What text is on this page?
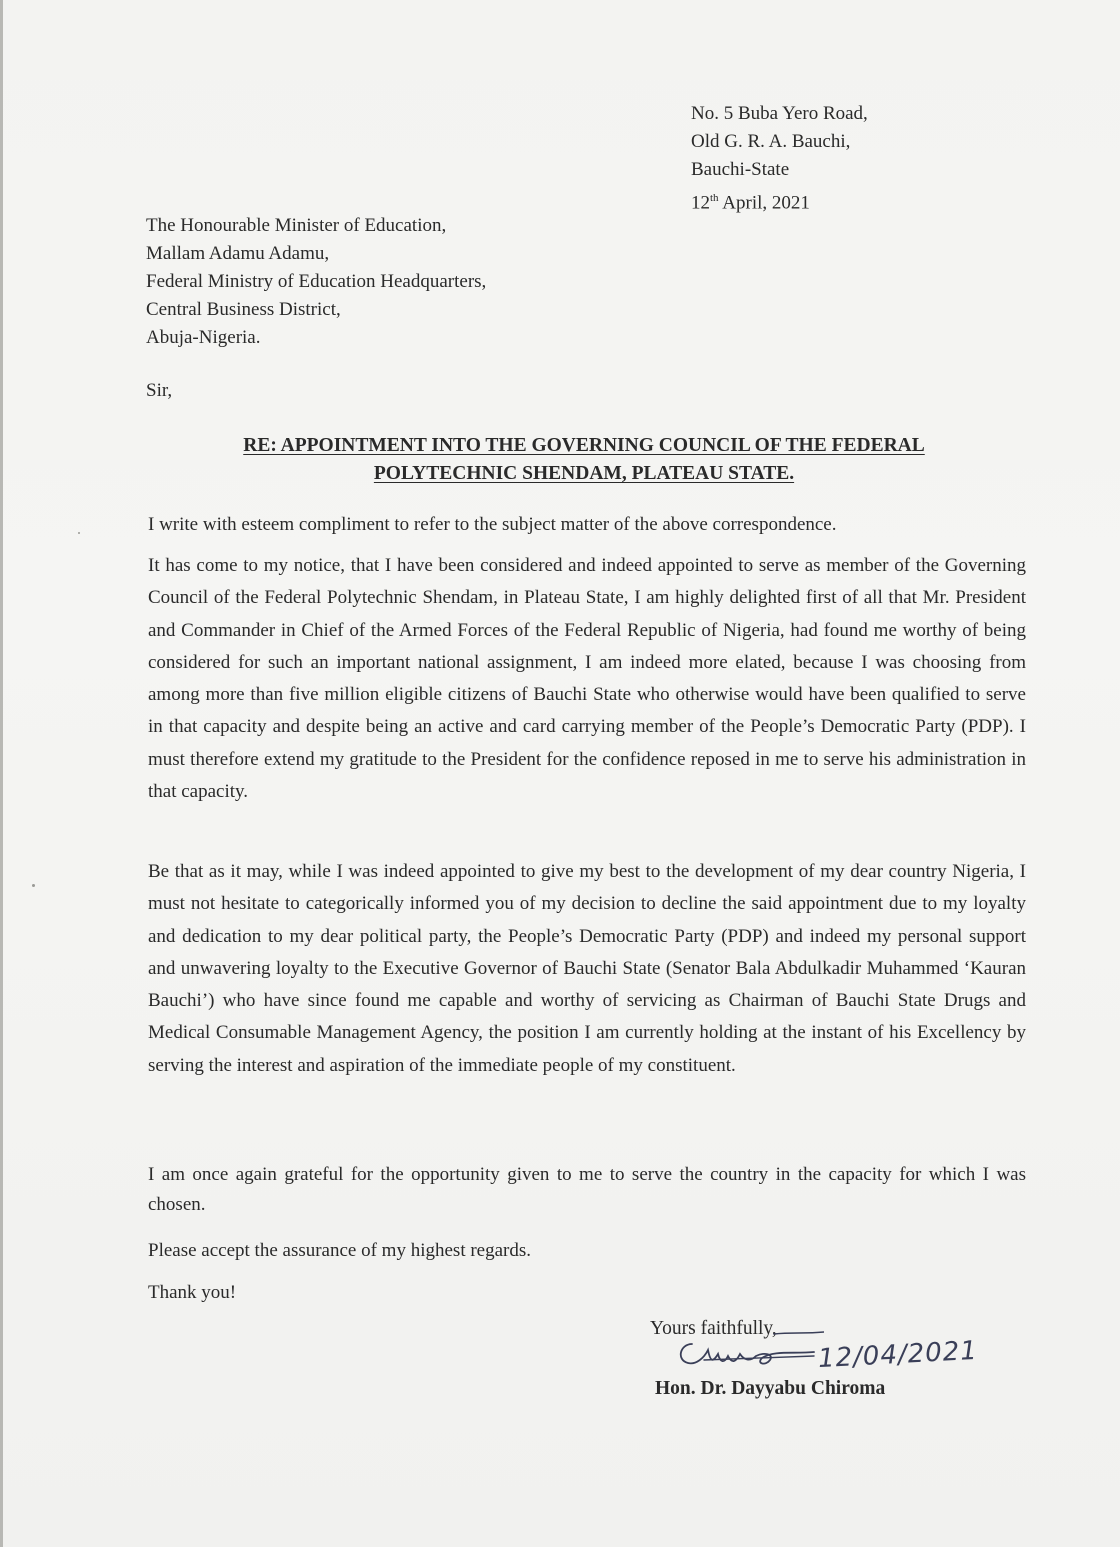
No. 5 Buba Yero Road,
Old G. R. A. Bauchi,
Bauchi-State
12th April, 2021
The Honourable Minister of Education,
Mallam Adamu Adamu,
Federal Ministry of Education Headquarters,
Central Business District,
Abuja-Nigeria.
Sir,
RE: APPOINTMENT INTO THE GOVERNING COUNCIL OF THE FEDERAL
POLYTECHNIC SHENDAM, PLATEAU STATE.

I write with esteem compliment to refer to the subject matter of the above correspondence.

It has come to my notice, that I have been considered and indeed appointed to serve as member of the Governing Council of the Federal Polytechnic Shendam, in Plateau State, I am highly delighted first of all that Mr. President and Commander in Chief of the Armed Forces of the Federal Republic of Nigeria, had found me worthy of being considered for such an important national assignment, I am indeed more elated, because I was choosing from among more than five million eligible citizens of Bauchi State who otherwise would have been qualified to serve in that capacity and despite being an active and card carrying member of the People’s Democratic Party (PDP). I must therefore extend my gratitude to the President for the confidence reposed in me to serve his administration in that capacity.

Be that as it may, while I was indeed appointed to give my best to the development of my dear country Nigeria, I must not hesitate to categorically informed you of my decision to decline the said appointment due to my loyalty and dedication to my dear political party, the People’s Democratic Party (PDP) and indeed my personal support and unwavering loyalty to the Executive Governor of Bauchi State (Senator Bala Abdulkadir Muhammed ‘Kauran Bauchi’) who have since found me capable and worthy of servicing as Chairman of Bauchi State Drugs and Medical Consumable Management Agency, the position I am currently holding at the instant of his Excellency by serving the interest and aspiration of the immediate people of my constituent.

I am once again grateful for the opportunity given to me to serve the country in the capacity for which I was chosen.

Please accept the assurance of my highest regards.

Thank you!

Yours faithfully,
12/04/2021
Hon. Dr. Dayyabu Chiroma
